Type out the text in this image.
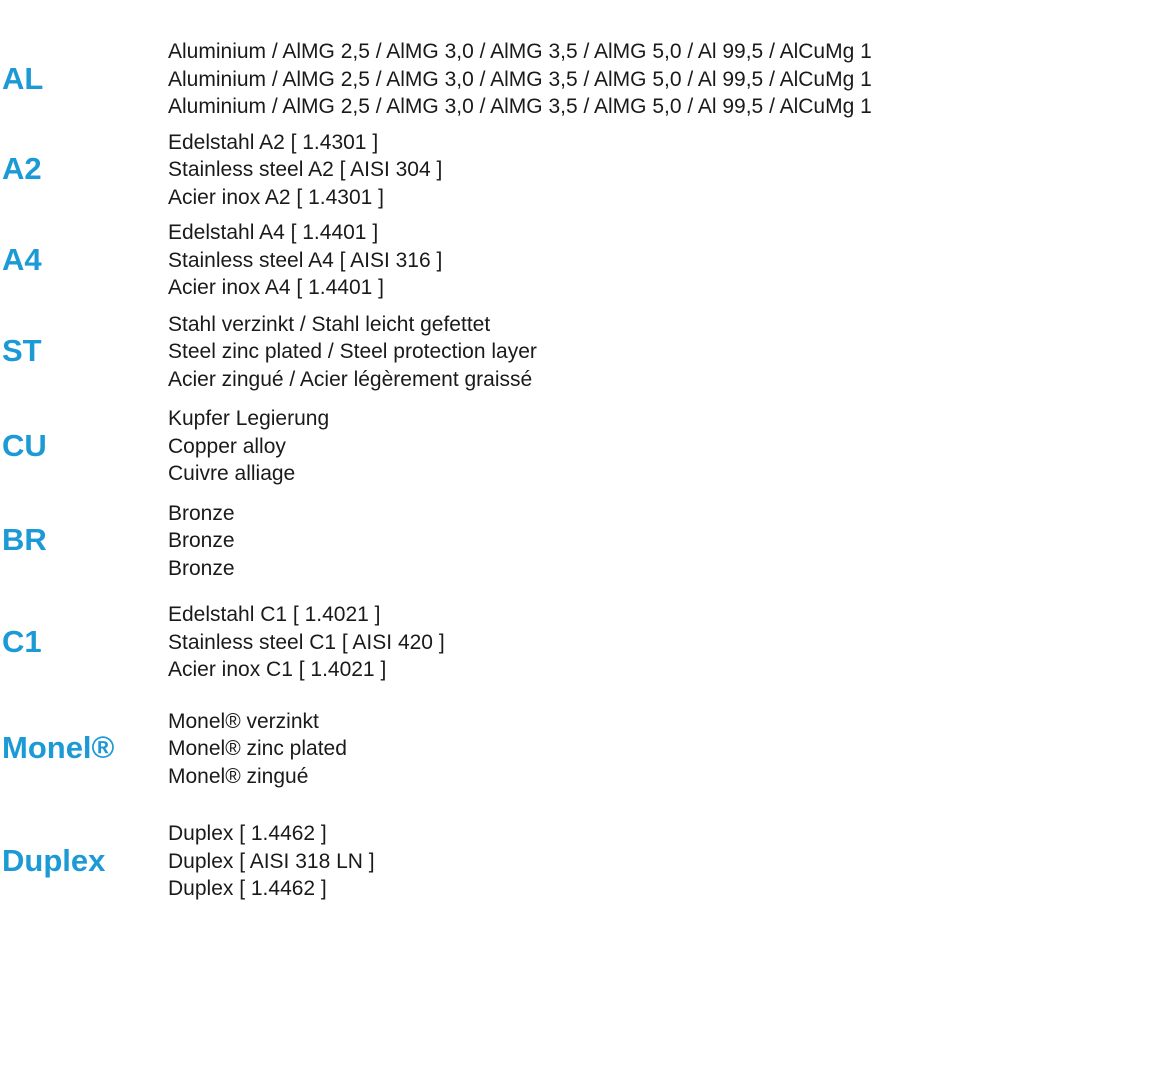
AL
Aluminium / AlMG 2,5 / AlMG 3,0 / AlMG 3,5 / AlMG 5,0 / Al 99,5 / AlCuMg 1
Aluminium / AlMG 2,5 / AlMG 3,0 / AlMG 3,5 / AlMG 5,0 / Al 99,5 / AlCuMg 1
Aluminium / AlMG 2,5 / AlMG 3,0 / AlMG 3,5 / AlMG 5,0 / Al 99,5 / AlCuMg 1
A2
Edelstahl A2 [ 1.4301 ]
Stainless steel A2 [ AISI 304 ]
Acier inox A2 [ 1.4301 ]
A4
Edelstahl A4 [ 1.4401 ]
Stainless steel A4 [ AISI 316 ]
Acier inox A4 [ 1.4401 ]
ST
Stahl verzinkt / Stahl leicht gefettet
Steel zinc plated / Steel protection layer
Acier zingué / Acier légèrement graissé
CU
Kupfer Legierung
Copper alloy
Cuivre alliage
BR
Bronze
Bronze
Bronze
C1
Edelstahl C1 [ 1.4021 ]
Stainless steel C1 [ AISI 420 ]
Acier inox C1 [ 1.4021 ]
Monel®
Monel® verzinkt
Monel® zinc plated
Monel® zingué
Duplex
Duplex [ 1.4462 ]
Duplex [ AISI 318 LN ]
Duplex [ 1.4462 ]
